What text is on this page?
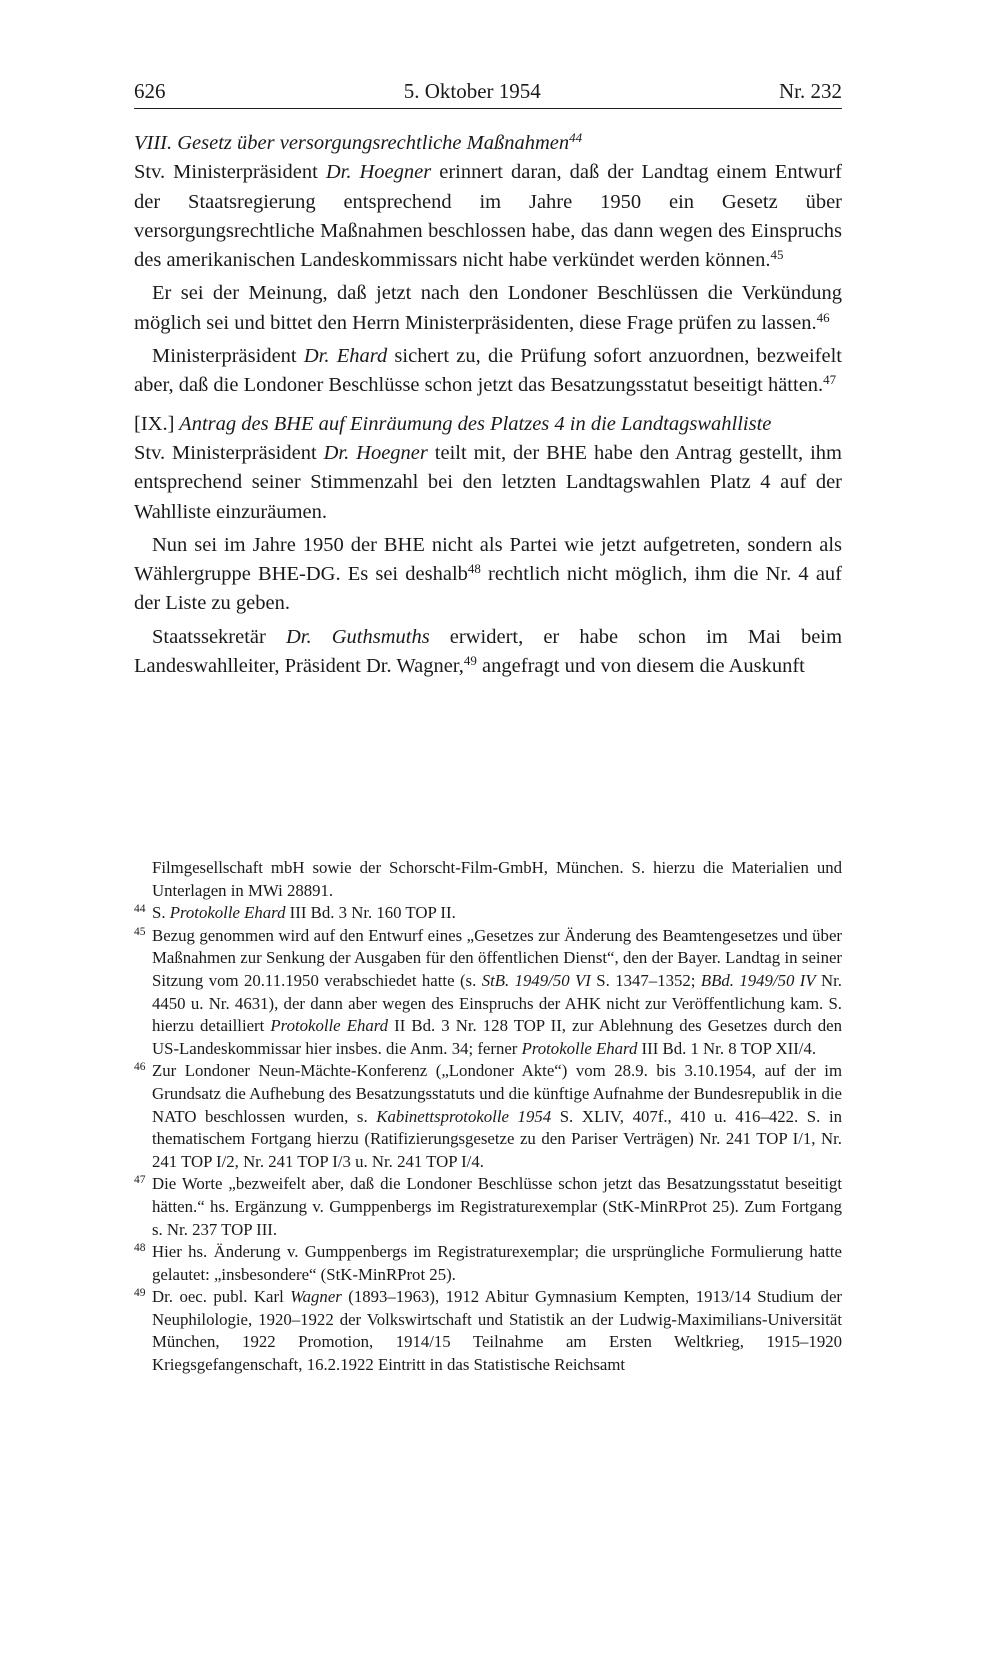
626	5. Oktober 1954	Nr. 232

VIII. Gesetz über versorgungsrechtliche Maßnahmen$^{44}$

Stv. Ministerpräsident Dr. Hoegner erinnert daran, daß der Landtag einem Entwurf der Staatsregierung entsprechend im Jahre 1950 ein Gesetz über versorgungsrechtliche Maßnahmen beschlossen habe, das dann wegen des Einspruchs des amerikanischen Landeskommissars nicht habe verkündet werden können.$^{45}$

Er sei der Meinung, daß jetzt nach den Londoner Beschlüssen die Verkündung möglich sei und bittet den Herrn Ministerpräsidenten, diese Frage prüfen zu lassen.$^{46}$

Ministerpräsident Dr. Ehard sichert zu, die Prüfung sofort anzuordnen, bezweifelt aber, daß die Londoner Beschlüsse schon jetzt das Besatzungsstatut beseitigt hätten.$^{47}$

[IX.] Antrag des BHE auf Einräumung des Platzes 4 in die Landtagswahlliste

Stv. Ministerpräsident Dr. Hoegner teilt mit, der BHE habe den Antrag gestellt, ihm entsprechend seiner Stimmenzahl bei den letzten Landtagswahlen Platz 4 auf der Wahlliste einzuräumen.

Nun sei im Jahre 1950 der BHE nicht als Partei wie jetzt aufgetreten, sondern als Wählergruppe BHE-DG. Es sei deshalb$^{48}$ rechtlich nicht möglich, ihm die Nr. 4 auf der Liste zu geben.

Staatssekretär Dr. Guthsmuths erwidert, er habe schon im Mai beim Landeswahlleiter, Präsident Dr. Wagner,$^{49}$ angefragt und von diesem die Auskunft

Filmgesellschaft mbH sowie der Schorscht-Film-GmbH, München. S. hierzu die Materialien und Unterlagen in MWi 28891.

44 S. Protokolle Ehard III Bd. 3 Nr. 160 TOP II.

45 Bezug genommen wird auf den Entwurf eines „Gesetzes zur Änderung des Beamtengesetzes und über Maßnahmen zur Senkung der Ausgaben für den öffentlichen Dienst“, den der Bayer. Landtag in seiner Sitzung vom 20.11.1950 verabschiedet hatte (s. StB. 1949/50 VI S. 1347–1352; BBd. 1949/50 IV Nr. 4450 u. Nr. 4631), der dann aber wegen des Einspruchs der AHK nicht zur Veröffentlichung kam. S. hierzu detailliert Protokolle Ehard II Bd. 3 Nr. 128 TOP II, zur Ablehnung des Gesetzes durch den US-Landeskommissar hier insbes. die Anm. 34; ferner Protokolle Ehard III Bd. 1 Nr. 8 TOP XII/4.

46 Zur Londoner Neun-Mächte-Konferenz („Londoner Akte“) vom 28.9. bis 3.10.1954, auf der im Grundsatz die Aufhebung des Besatzungsstatuts und die künftige Aufnahme der Bundesrepublik in die NATO beschlossen wurden, s. Kabinettsprotokolle 1954 S. XLIV, 407f., 410 u. 416–422. S. in thematischem Fortgang hierzu (Ratifizierungsgesetze zu den Pariser Verträgen) Nr. 241 TOP I/1, Nr. 241 TOP I/2, Nr. 241 TOP I/3 u. Nr. 241 TOP I/4.

47 Die Worte „bezweifelt aber, daß die Londoner Beschlüsse schon jetzt das Besatzungsstatut beseitigt hätten.“ hs. Ergänzung v. Gumppenbergs im Registraturexemplar (StK-MinRProt 25). Zum Fortgang s. Nr. 237 TOP III.

48 Hier hs. Änderung v. Gumppenbergs im Registraturexemplar; die ursprüngliche Formulierung hatte gelautet: „insbesondere“ (StK-MinRProt 25).

49 Dr. oec. publ. Karl Wagner (1893–1963), 1912 Abitur Gymnasium Kempten, 1913/14 Studium der Neuphilologie, 1920–1922 der Volkswirtschaft und Statistik an der Ludwig-Maximilians-Universität München, 1922 Promotion, 1914/15 Teilnahme am Ersten Weltkrieg, 1915–1920 Kriegsgefangenschaft, 16.2.1922 Eintritt in das Statistische Reichsamt
